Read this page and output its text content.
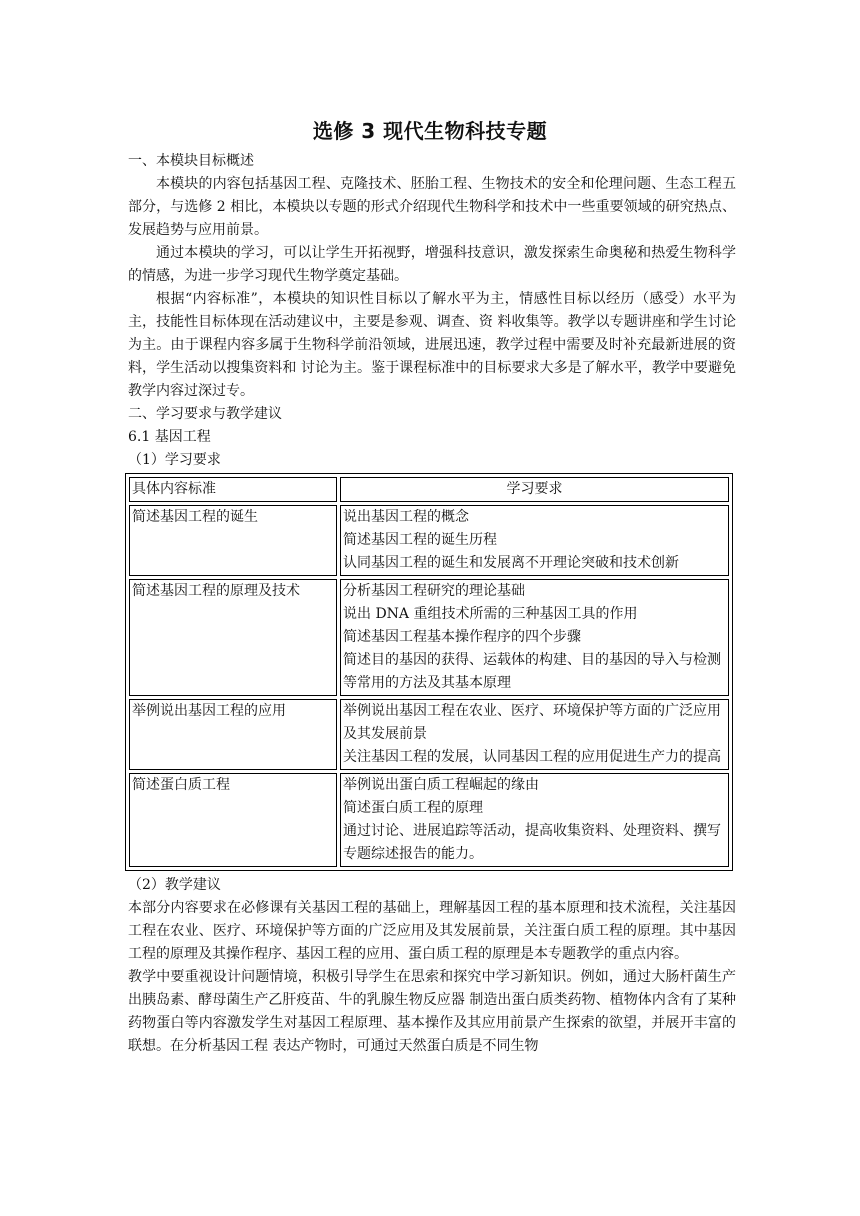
选修 3 现代生物科技专题

一、本模块目标概述

本模块的内容包括基因工程、克隆技术、胚胎工程、生物技术的安全和伦理问题、生态工程五部分，与选修 2 相比，本模块以专题的形式介绍现代生物科学和技术中一些重要领域的研究热点、发展趋势与应用前景。

通过本模块的学习，可以让学生开拓视野，增强科技意识，激发探索生命奥秘和热爱生物科学的情感，为进一步学习现代生物学奠定基础。

根据“内容标准”，本模块的知识性目标以了解水平为主，情感性目标以经历（感受）水平为主，技能性目标体现在活动建议中，主要是参观、调查、资 料收集等。教学以专题讲座和学生讨论为主。由于课程内容多属于生物科学前沿领域，进展迅速，教学过程中需要及时补充最新进展的资料，学生活动以搜集资料和 讨论为主。鉴于课程标准中的目标要求大多是了解水平，教学中要避免教学内容过深过专。

二、学习要求与教学建议

6.1 基因工程

（1）学习要求

具体内容标准	学习要求
简述基因工程的诞生	说出基因工程的概念
简述基因工程的诞生历程
认同基因工程的诞生和发展离不开理论突破和技术创新

简述基因工程的原理及技术	分析基因工程研究的理论基础
说出 DNA 重组技术所需的三种基因工具的作用
简述基因工程基本操作程序的四个步骤
简述目的基因的获得、运载体的构建、目的基因的导入与检测等常用的方法及其基本原理

举例说出基因工程的应用	举例说出基因工程在农业、医疗、环境保护等方面的广泛应用及其发展前景
关注基因工程的发展，认同基因工程的应用促进生产力的提高

简述蛋白质工程	举例说出蛋白质工程崛起的缘由
简述蛋白质工程的原理
通过讨论、进展追踪等活动，提高收集资料、处理资料、撰写专题综述报告的能力。

（2）教学建议

本部分内容要求在必修课有关基因工程的基础上，理解基因工程的基本原理和技术流程，关注基因工程在农业、医疗、环境保护等方面的广泛应用及其发展前景，关注蛋白质工程的原理。其中基因工程的原理及其操作程序、基因工程的应用、蛋白质工程的原理是本专题教学的重点内容。

教学中要重视设计问题情境，积极引导学生在思索和探究中学习新知识。例如，通过大肠杆菌生产出胰岛素、酵母菌生产乙肝疫苗、牛的乳腺生物反应器 制造出蛋白质类药物、植物体内含有了某种药物蛋白等内容激发学生对基因工程原理、基本操作及其应用前景产生探索的欲望，并展开丰富的联想。在分析基因工程 表达产物时，可通过天然蛋白质是不同生物
